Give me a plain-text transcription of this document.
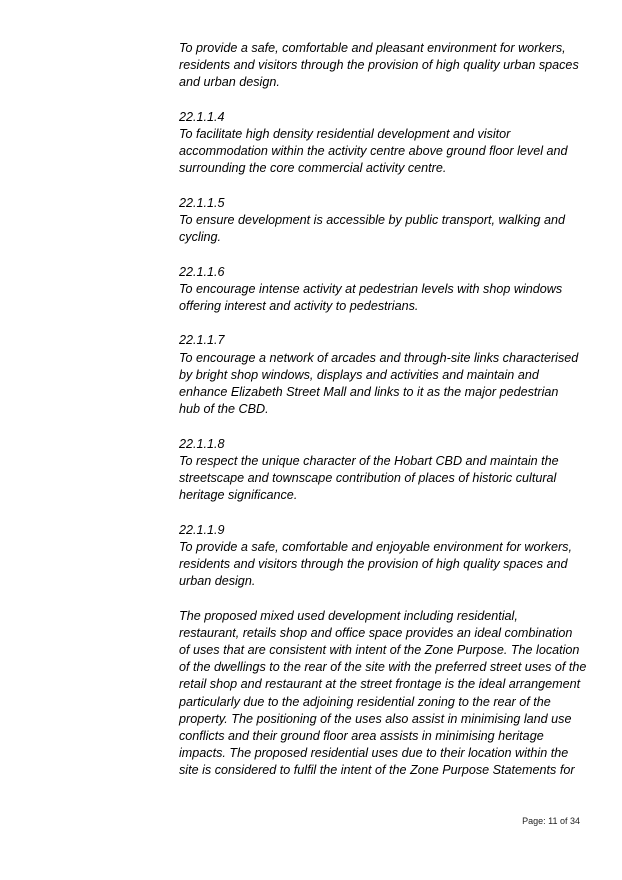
To provide a safe, comfortable and pleasant environment for workers,
residents and visitors through the provision of high quality urban spaces
and urban design.
22.1.1.4
To facilitate high density residential development and visitor
accommodation within the activity centre above ground floor level and
surrounding the core commercial activity centre.
22.1.1.5
To ensure development is accessible by public transport, walking and
cycling.
22.1.1.6
To encourage intense activity at pedestrian levels with shop windows
offering interest and activity to pedestrians.
22.1.1.7
To encourage a network of arcades and through-site links characterised
by bright shop windows, displays and activities and maintain and
enhance Elizabeth Street Mall and links to it as the major pedestrian
hub of the CBD.
22.1.1.8
To respect the unique character of the Hobart CBD and maintain the
streetscape and townscape contribution of places of historic cultural
heritage significance.
22.1.1.9
To provide a safe, comfortable and enjoyable environment for workers,
residents and visitors through the provision of high quality spaces and
urban design.
The proposed mixed used development including residential,
restaurant, retails shop and office space provides an ideal combination
of uses that are consistent with intent of the Zone Purpose. The location
of the dwellings to the rear of the site with the preferred street uses of the
retail shop and restaurant at the street frontage is the ideal arrangement
particularly due to the adjoining residential zoning to the rear of the
property. The positioning of the uses also assist in minimising land use
conflicts and their ground floor area assists in minimising heritage
impacts. The proposed residential uses due to their location within the
site is considered to fulfil the intent of the Zone Purpose Statements for
Page: 11 of 34
